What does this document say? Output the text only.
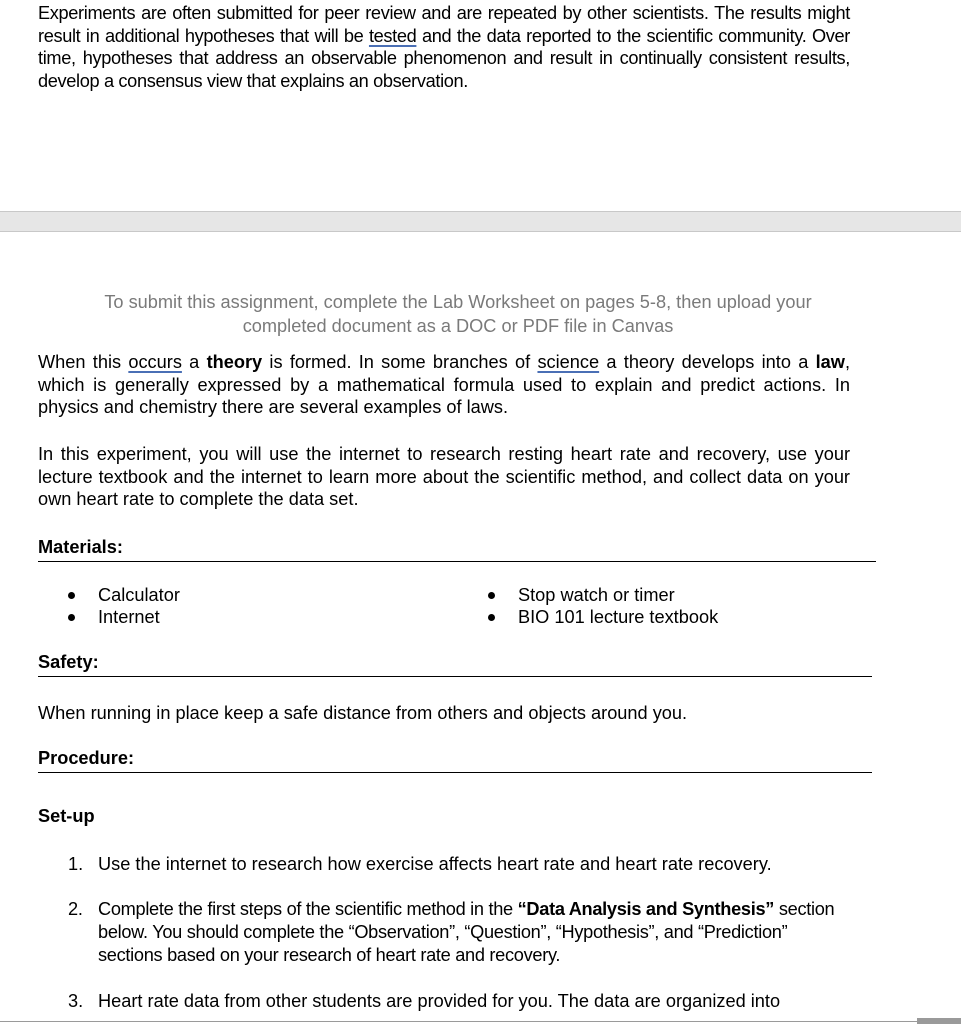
Experiments are often submitted for peer review and are repeated by other scientists. The results might result in additional hypotheses that will be tested and the data reported to the scientific community. Over time, hypotheses that address an observable phenomenon and result in continually consistent results, develop a consensus view that explains an observation.

To submit this assignment, complete the Lab Worksheet on pages 5-8, then upload your
completed document as a DOC or PDF file in Canvas

When this occurs a theory is formed. In some branches of science a theory develops into a law, which is generally expressed by a mathematical formula used to explain and predict actions. In physics and chemistry there are several examples of laws.

In this experiment, you will use the internet to research resting heart rate and recovery, use your lecture textbook and the internet to learn more about the scientific method, and collect data on your own heart rate to complete the data set.

Materials:

Calculator
Internet
Stop watch or timer
BIO 101 lecture textbook

Safety:

When running in place keep a safe distance from others and objects around you.

Procedure:

Set-up

1. Use the internet to research how exercise affects heart rate and heart rate recovery.
2. Complete the first steps of the scientific method in the “Data Analysis and Synthesis” section below. You should complete the “Observation”, “Question”, “Hypothesis”, and “Prediction” sections based on your research of heart rate and recovery.
3. Heart rate data from other students are provided for you. The data are organized into
